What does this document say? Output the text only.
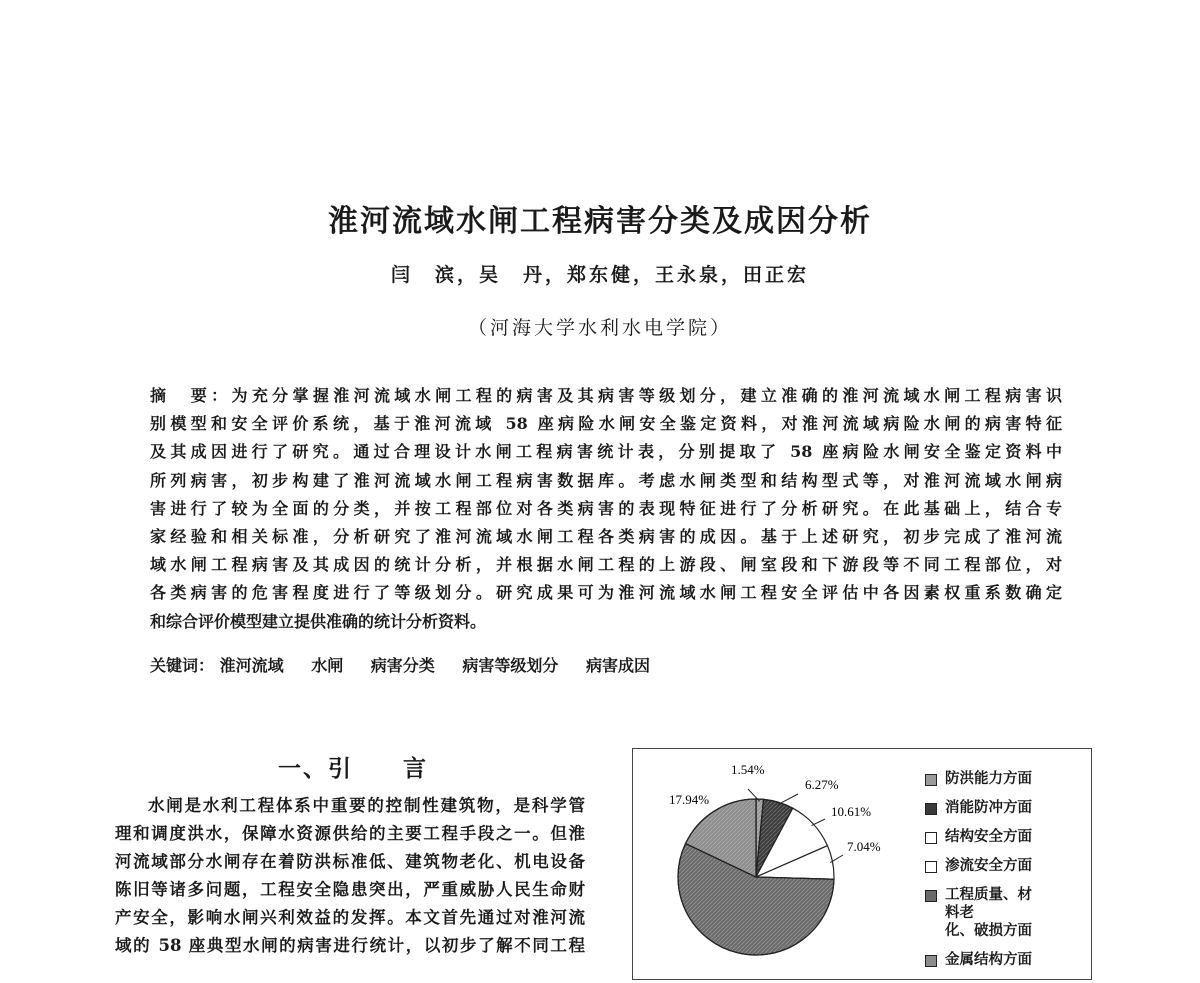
淮河流域水闸工程病害分类及成因分析
闫　滨，吴　丹，郑东健，王永泉，田正宏
（河海大学水利水电学院）
摘　要：为充分掌握淮河流域水闸工程的病害及其病害等级划分，建立准确的淮河流域水闸工程病害识
别模型和安全评价系统，基于淮河流域 58 座病险水闸安全鉴定资料，对淮河流域病险水闸的病害特征
及其成因进行了研究。通过合理设计水闸工程病害统计表，分别提取了 58 座病险水闸安全鉴定资料中
所列病害，初步构建了淮河流域水闸工程病害数据库。考虑水闸类型和结构型式等，对淮河流域水闸病
害进行了较为全面的分类，并按工程部位对各类病害的表现特征进行了分析研究。在此基础上，结合专
家经验和相关标准，分析研究了淮河流域水闸工程各类病害的成因。基于上述研究，初步完成了淮河流
域水闸工程病害及其成因的统计分析，并根据水闸工程的上游段、闸室段和下游段等不同工程部位，对
各类病害的危害程度进行了等级划分。研究成果可为淮河流域水闸工程安全评估中各因素权重系数确定
和综合评价模型建立提供准确的统计分析资料。
关键词： 淮河流域 水闸 病害分类 病害等级划分 病害成因
一、引　　言
水闸是水利工程体系中重要的控制性建筑物，是科学管
理和调度洪水，保障水资源供给的主要工程手段之一。但淮
河流域部分水闸存在着防洪标准低、建筑物老化、机电设备
陈旧等诸多问题，工程安全隐患突出，严重威胁人民生命财
产安全，影响水闸兴利效益的发挥。本文首先通过对淮河流
域的 58 座典型水闸的病害进行统计，以初步了解不同工程
1.54%
6.27%
10.61%
7.04%
17.94%
防洪能力方面
消能防冲方面
结构安全方面
渗流安全方面
工程质量、材料老
化、破损方面
金属结构方面
